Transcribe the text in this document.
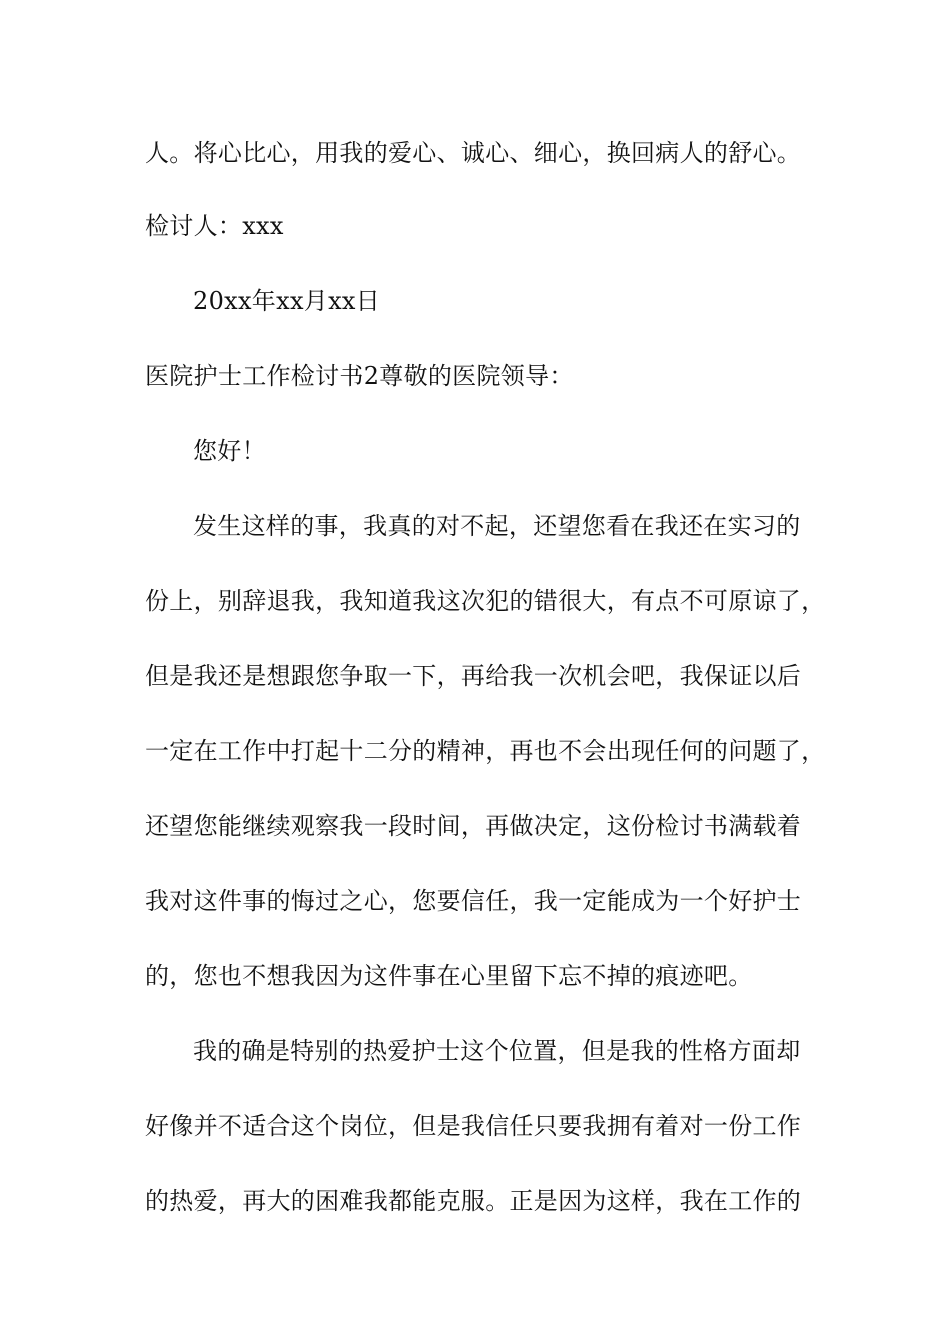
人。将心比心，用我的爱心、诚心、细心，换回病人的舒心。
检讨人：xxx
20xx年xx月xx日
医院护士工作检讨书2尊敬的医院领导：
您好！
发生这样的事，我真的对不起，还望您看在我还在实习的
份上，别辞退我，我知道我这次犯的错很大，有点不可原谅了，
但是我还是想跟您争取一下，再给我一次机会吧，我保证以后
一定在工作中打起十二分的精神，再也不会出现任何的问题了，
还望您能继续观察我一段时间，再做决定，这份检讨书满载着
我对这件事的悔过之心，您要信任，我一定能成为一个好护士
的，您也不想我因为这件事在心里留下忘不掉的痕迹吧。
我的确是特别的热爱护士这个位置，但是我的性格方面却
好像并不适合这个岗位，但是我信任只要我拥有着对一份工作
的热爱，再大的困难我都能克服。正是因为这样，我在工作的
